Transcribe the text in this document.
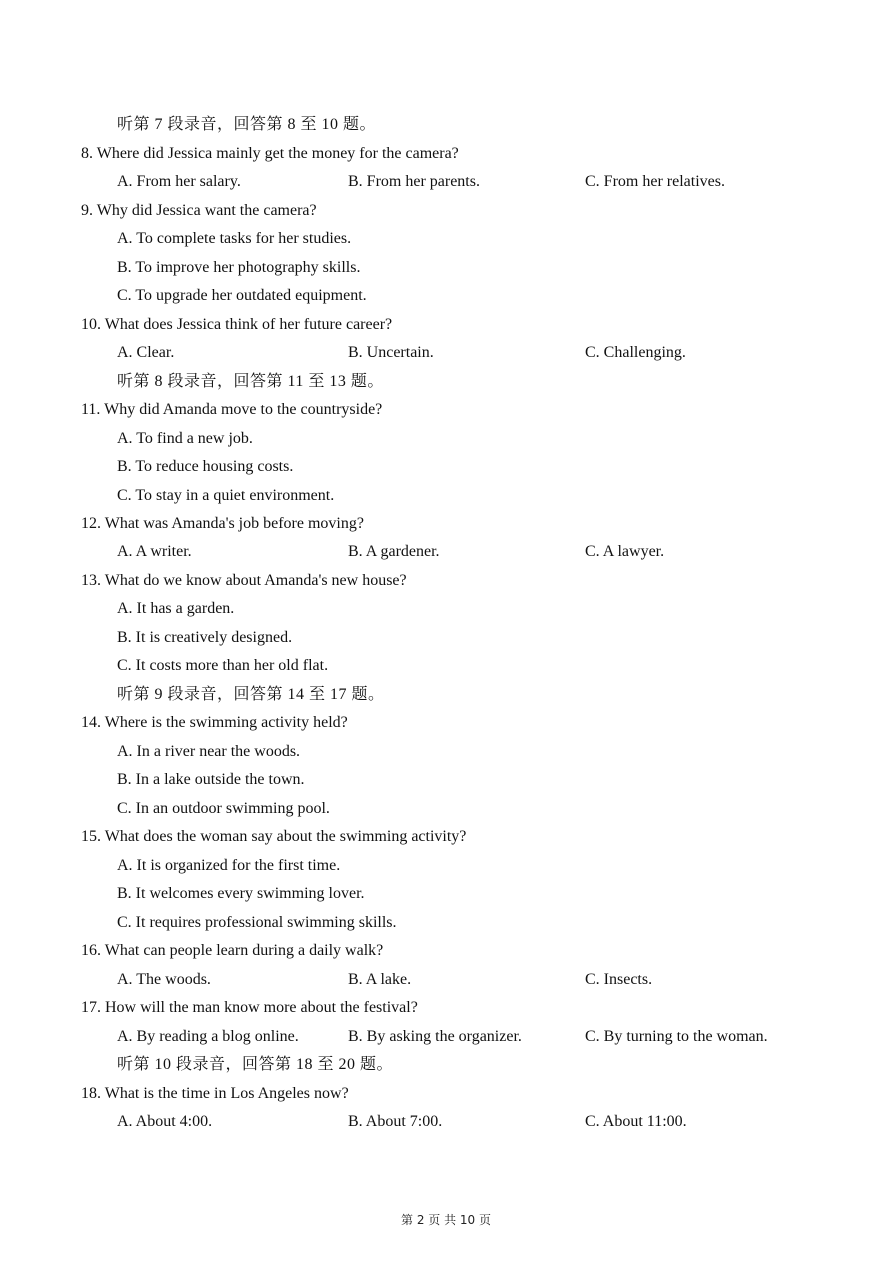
听第 7 段录音，回答第 8 至 10 题。
8. Where did Jessica mainly get the money for the camera?
A. From her salary.	B. From her parents.	C. From her relatives.
9. Why did Jessica want the camera?
A. To complete tasks for her studies.
B. To improve her photography skills.
C. To upgrade her outdated equipment.
10. What does Jessica think of her future career?
A. Clear.	B. Uncertain.	C. Challenging.
听第 8 段录音，回答第 11 至 13 题。
11. Why did Amanda move to the countryside?
A. To find a new job.
B. To reduce housing costs.
C. To stay in a quiet environment.
12. What was Amanda's job before moving?
A. A writer.	B. A gardener.	C. A lawyer.
13. What do we know about Amanda's new house?
A. It has a garden.
B. It is creatively designed.
C. It costs more than her old flat.
听第 9 段录音，回答第 14 至 17 题。
14. Where is the swimming activity held?
A. In a river near the woods.
B. In a lake outside the town.
C. In an outdoor swimming pool.
15. What does the woman say about the swimming activity?
A. It is organized for the first time.
B. It welcomes every swimming lover.
C. It requires professional swimming skills.
16. What can people learn during a daily walk?
A. The woods.	B. A lake.	C. Insects.
17. How will the man know more about the festival?
A. By reading a blog online.	B. By asking the organizer.	C. By turning to the woman.
听第 10 段录音，回答第 18 至 20 题。
18. What is the time in Los Angeles now?
A. About 4:00.	B. About 7:00.	C. About 11:00.
第 2 页 共 10 页
